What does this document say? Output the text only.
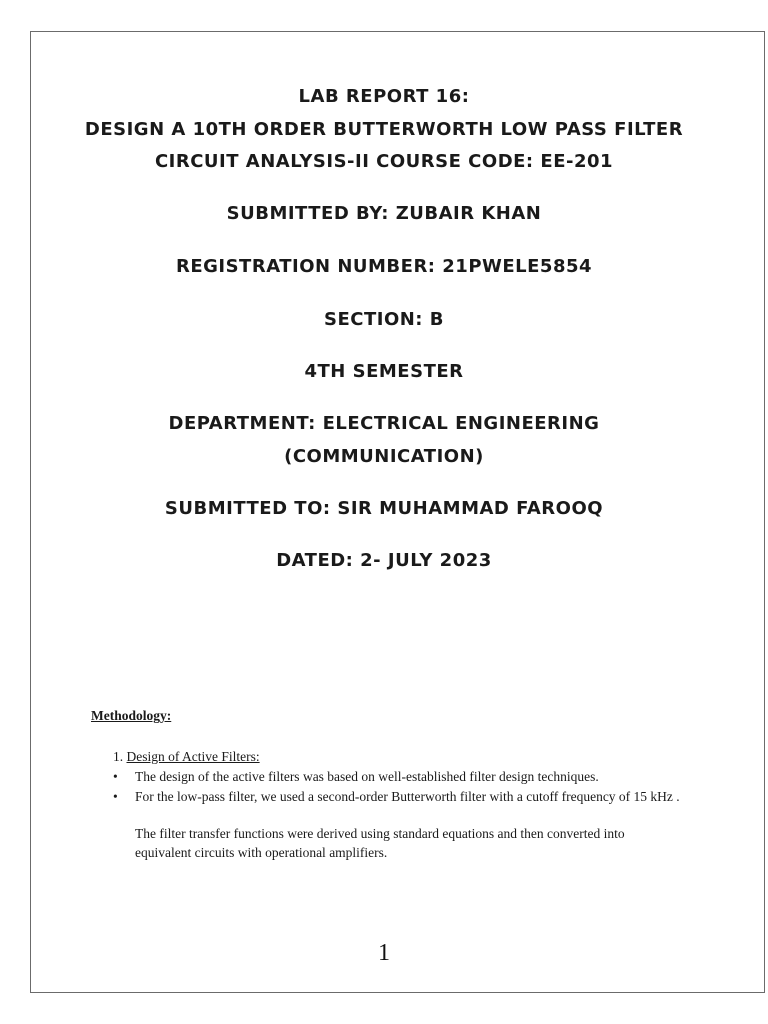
LAB REPORT 16:
DESIGN A 10TH ORDER BUTTERWORTH LOW PASS FILTER
CIRCUIT ANALYSIS-II COURSE CODE: EE-201
SUBMITTED BY: ZUBAIR KHAN
REGISTRATION NUMBER: 21PWELE5854
SECTION: B
4TH SEMESTER
DEPARTMENT: ELECTRICAL ENGINEERING
(COMMUNICATION)
SUBMITTED TO: SIR MUHAMMAD FAROOQ
DATED: 2- JULY 2023
Methodology:
1. Design of Active Filters:
• The design of the active filters was based on well-established filter design techniques.
• For the low-pass filter, we used a second-order Butterworth filter with a cutoff frequency of 15 kHz .
The filter transfer functions were derived using standard equations and then converted into equivalent circuits with operational amplifiers.
1
